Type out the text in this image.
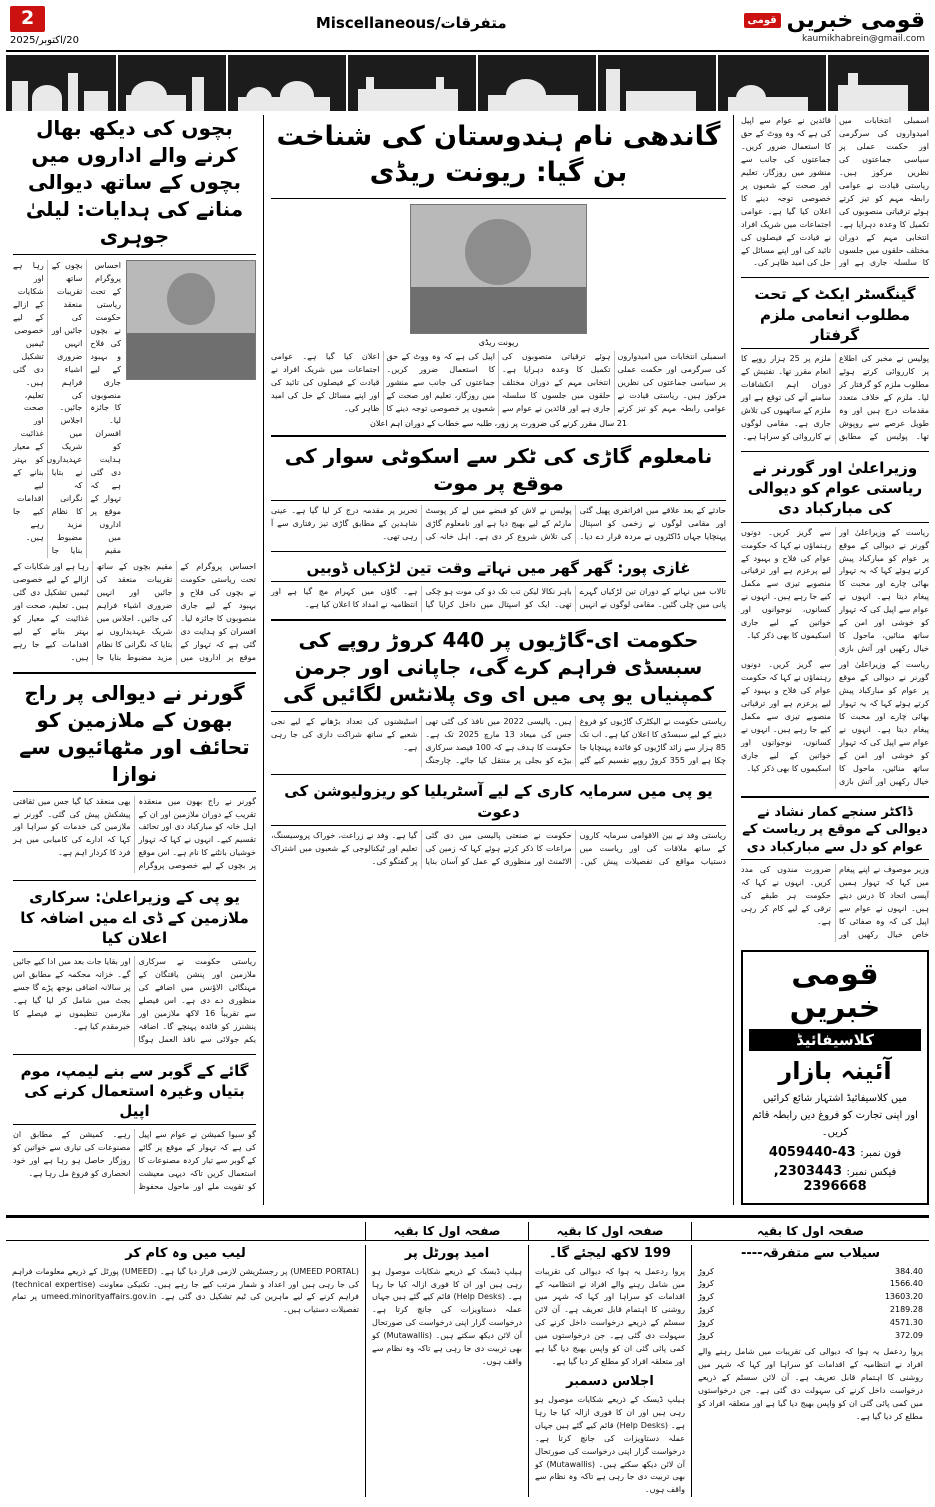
2
20/اکتوبر/2025
متفرقات/Miscellaneous	قومی خبریں
قومی
kaumikhabrein@gmail.com
اسمبلی انتخابات میں امیدواروں کی سرگرمی اور حکمت عملی پر سیاسی جماعتوں کی نظریں مرکوز ہیں۔ ریاستی قیادت نے عوامی رابطہ مہم کو تیز کرتے ہوئے ترقیاتی منصوبوں کی تکمیل کا وعدہ دہرایا ہے۔ انتخابی مہم کے دوران مختلف حلقوں میں جلسوں کا سلسلہ جاری ہے اور قائدین نے عوام سے اپیل کی ہے کہ وہ ووٹ کے حق کا استعمال ضرور کریں۔ جماعتوں کی جانب سے منشور میں روزگار، تعلیم اور صحت کے شعبوں پر خصوصی توجہ دینے کا اعلان کیا گیا ہے۔ عوامی اجتماعات میں شریک افراد نے قیادت کے فیصلوں کی تائید کی اور اپنے مسائل کے حل کی امید ظاہر کی۔
گینگسٹر ایکٹ کے تحت مطلوب انعامی ملزم گرفتار
پولیس نے مخبر کی اطلاع پر کارروائی کرتے ہوئے مطلوب ملزم کو گرفتار کر لیا۔ ملزم کے خلاف متعدد مقدمات درج ہیں اور وہ طویل عرصے سے روپوش تھا۔ پولیس کے مطابق ملزم پر 25 ہزار روپے کا انعام مقرر تھا۔ تفتیش کے دوران اہم انکشافات سامنے آنے کی توقع ہے اور ملزم کے ساتھیوں کی تلاش جاری ہے۔ مقامی لوگوں نے کارروائی کو سراہا ہے۔
وزیراعلیٰ اور گورنر نے ریاستی عوام کو دیوالی کی مبارکباد دی
ریاست کے وزیراعلیٰ اور گورنر نے دیوالی کے موقع پر عوام کو مبارکباد پیش کرتے ہوئے کہا کہ یہ تہوار بھائی چارے اور محبت کا پیغام دیتا ہے۔ انہوں نے عوام سے اپیل کی کہ تہوار کو خوشی اور امن کے ساتھ منائیں، ماحول کا خیال رکھیں اور آتش بازی سے گریز کریں۔ دونوں رہنماؤں نے کہا کہ حکومت عوام کی فلاح و بہبود کے لیے پرعزم ہے اور ترقیاتی منصوبے تیزی سے مکمل کیے جا رہے ہیں۔ انہوں نے کسانوں، نوجوانوں اور خواتین کے لیے جاری اسکیموں کا بھی ذکر کیا۔
ریاست کے وزیراعلیٰ اور گورنر نے دیوالی کے موقع پر عوام کو مبارکباد پیش کرتے ہوئے کہا کہ یہ تہوار بھائی چارے اور محبت کا پیغام دیتا ہے۔ انہوں نے عوام سے اپیل کی کہ تہوار کو خوشی اور امن کے ساتھ منائیں، ماحول کا خیال رکھیں اور آتش بازی سے گریز کریں۔ دونوں رہنماؤں نے کہا کہ حکومت عوام کی فلاح و بہبود کے لیے پرعزم ہے اور ترقیاتی منصوبے تیزی سے مکمل کیے جا رہے ہیں۔ انہوں نے کسانوں، نوجوانوں اور خواتین کے لیے جاری اسکیموں کا بھی ذکر کیا۔
ڈاکٹر سنجے کمار نشاد نے دیوالی کے موقع پر ریاست کے عوام کو دل سے مبارکباد دی
وزیر موصوف نے اپنے پیغام میں کہا کہ تہوار ہمیں آپسی اتحاد کا درس دیتے ہیں۔ انہوں نے عوام سے اپیل کی کہ وہ صفائی کا خاص خیال رکھیں اور ضرورت مندوں کی مدد کریں۔ انہوں نے کہا کہ حکومت ہر طبقے کی ترقی کے لیے کام کر رہی ہے۔
قومی خبریں
کلاسیفائیڈ
آئینہ بازار
میں کلاسیفائیڈ اشتہار شائع کرائیں
اور اپنی تجارت کو فروغ دیں رابطہ قائم کریں۔
فون نمبر: 43-4059440
فیکس نمبر: 2303443, 2396668
گاندھی نام ہندوستان کی شناخت بن گیا: ریونت ریڈی
ریونت ریڈی
اسمبلی انتخابات میں امیدواروں کی سرگرمی اور حکمت عملی پر سیاسی جماعتوں کی نظریں مرکوز ہیں۔ ریاستی قیادت نے عوامی رابطہ مہم کو تیز کرتے ہوئے ترقیاتی منصوبوں کی تکمیل کا وعدہ دہرایا ہے۔ انتخابی مہم کے دوران مختلف حلقوں میں جلسوں کا سلسلہ جاری ہے اور قائدین نے عوام سے اپیل کی ہے کہ وہ ووٹ کے حق کا استعمال ضرور کریں۔ جماعتوں کی جانب سے منشور میں روزگار، تعلیم اور صحت کے شعبوں پر خصوصی توجہ دینے کا اعلان کیا گیا ہے۔ عوامی اجتماعات میں شریک افراد نے قیادت کے فیصلوں کی تائید کی اور اپنے مسائل کے حل کی امید ظاہر کی۔
21 سال مقرر کرنے کی ضرورت پر زور، طلبہ سے خطاب کے دوران اہم اعلان
نامعلوم گاڑی کی ٹکر سے اسکوٹی سوار کی موقع پر موت
حادثے کے بعد علاقے میں افراتفری پھیل گئی اور مقامی لوگوں نے زخمی کو اسپتال پہنچایا جہاں ڈاکٹروں نے مردہ قرار دے دیا۔ پولیس نے لاش کو قبضے میں لے کر پوسٹ مارٹم کے لیے بھیج دیا ہے اور نامعلوم گاڑی کی تلاش شروع کر دی ہے۔ اہل خانہ کی تحریر پر مقدمہ درج کر لیا گیا ہے۔ عینی شاہدین کے مطابق گاڑی تیز رفتاری سے آ رہی تھی۔
غازی پور: گھر گھر میں نہاتے وقت تین لڑکیاں ڈوبیں
تالاب میں نہانے کے دوران تین لڑکیاں گہرے پانی میں چلی گئیں۔ مقامی لوگوں نے انہیں باہر نکالا لیکن تب تک دو کی موت ہو چکی تھی۔ ایک کو اسپتال میں داخل کرایا گیا ہے۔ گاؤں میں کہرام مچ گیا ہے اور انتظامیہ نے امداد کا اعلان کیا ہے۔
حکومت ای-گاڑیوں پر 440 کروڑ روپے کی سبسڈی فراہم کرے گی، جاپانی اور جرمن کمپنیاں یو پی میں ای وی پلانٹس لگائیں گی
ریاستی حکومت نے الیکٹرک گاڑیوں کو فروغ دینے کے لیے سبسڈی کا اعلان کیا ہے۔ اب تک 85 ہزار سے زائد گاڑیوں کو فائدہ پہنچایا جا چکا ہے اور 355 کروڑ روپے تقسیم کیے گئے ہیں۔ پالیسی 2022 میں نافذ کی گئی تھی جس کی میعاد 13 مارچ 2025 تک ہے۔ حکومت کا ہدف ہے کہ 100 فیصد سرکاری بیڑے کو بجلی پر منتقل کیا جائے۔ چارجنگ اسٹیشنوں کی تعداد بڑھانے کے لیے نجی شعبے کے ساتھ شراکت داری کی جا رہی ہے۔
یو پی میں سرمایہ کاری کے لیے آسٹریلیا کو ریزولیوشن کی دعوت
ریاستی وفد نے بین الاقوامی سرمایہ کاروں کے ساتھ ملاقات کی اور ریاست میں دستیاب مواقع کی تفصیلات پیش کیں۔ حکومت نے صنعتی پالیسی میں دی گئی مراعات کا ذکر کرتے ہوئے کہا کہ زمین کی الاٹمنٹ اور منظوری کے عمل کو آسان بنایا گیا ہے۔ وفد نے زراعت، خوراک پروسیسنگ، تعلیم اور ٹیکنالوجی کے شعبوں میں اشتراک پر گفتگو کی۔
بچوں کی دیکھ بھال کرنے والے اداروں میں بچوں کے ساتھ دیوالی منانے کی ہدایات: لیلیٰ جوہری
احساس پروگرام کے تحت ریاستی حکومت نے بچوں کی فلاح و بہبود کے لیے جاری منصوبوں کا جائزہ لیا۔ افسران کو ہدایت دی گئی ہے کہ تہوار کے موقع پر اداروں میں مقیم بچوں کے ساتھ تقریبات منعقد کی جائیں اور انہیں ضروری اشیاء فراہم کی جائیں۔ اجلاس میں شریک عہدیداروں نے بتایا کہ نگرانی کا نظام مزید مضبوط بنایا جا رہا ہے اور شکایات کے ازالے کے لیے خصوصی ٹیمیں تشکیل دی گئی ہیں۔ تعلیم، صحت اور غذائیت کے معیار کو بہتر بنانے کے لیے اقدامات کیے جا رہے ہیں۔
احساس پروگرام کے تحت ریاستی حکومت نے بچوں کی فلاح و بہبود کے لیے جاری منصوبوں کا جائزہ لیا۔ افسران کو ہدایت دی گئی ہے کہ تہوار کے موقع پر اداروں میں مقیم بچوں کے ساتھ تقریبات منعقد کی جائیں اور انہیں ضروری اشیاء فراہم کی جائیں۔ اجلاس میں شریک عہدیداروں نے بتایا کہ نگرانی کا نظام مزید مضبوط بنایا جا رہا ہے اور شکایات کے ازالے کے لیے خصوصی ٹیمیں تشکیل دی گئی ہیں۔ تعلیم، صحت اور غذائیت کے معیار کو بہتر بنانے کے لیے اقدامات کیے جا رہے ہیں۔
گورنر نے دیوالی پر راج بھون کے ملازمین کو تحائف اور مٹھائیوں سے نوازا
گورنر نے راج بھون میں منعقدہ تقریب کے دوران ملازمین اور ان کے اہل خانہ کو مبارکباد دی اور تحائف تقسیم کیے۔ انہوں نے کہا کہ تہوار خوشیاں بانٹنے کا نام ہے۔ اس موقع پر بچوں کے لیے خصوصی پروگرام بھی منعقد کیا گیا جس میں ثقافتی پیشکش پیش کی گئی۔ گورنر نے ملازمین کی خدمات کو سراہا اور کہا کہ ادارے کی کامیابی میں ہر فرد کا کردار اہم ہے۔
یو پی کے وزیراعلیٰ: سرکاری ملازمین کے ڈی اے میں اضافہ کا اعلان کیا
ریاستی حکومت نے سرکاری ملازمین اور پنشن یافتگان کے مہنگائی الاؤنس میں اضافے کی منظوری دے دی ہے۔ اس فیصلے سے تقریباً 16 لاکھ ملازمین اور پنشنرز کو فائدہ پہنچے گا۔ اضافہ یکم جولائی سے نافذ العمل ہوگا اور بقایا جات بعد میں ادا کیے جائیں گے۔ خزانہ محکمہ کے مطابق اس پر سالانہ اضافی بوجھ پڑے گا جسے بجٹ میں شامل کر لیا گیا ہے۔ ملازمین تنظیموں نے فیصلے کا خیرمقدم کیا ہے۔
گائے کے گوبر سے بنے لیمپ، موم بتیاں وغیرہ استعمال کرنے کی اپیل
گو سیوا کمیشن نے عوام سے اپیل کی ہے کہ تہوار کے موقع پر گائے کے گوبر سے تیار کردہ مصنوعات کا استعمال کریں تاکہ دیہی معیشت کو تقویت ملے اور ماحول محفوظ رہے۔ کمیشن کے مطابق ان مصنوعات کی تیاری سے خواتین کو روزگار حاصل ہو رہا ہے اور خود انحصاری کو فروغ مل رہا ہے۔
صفحہ اول کا بقیہ
صفحہ اول کا بقیہ
صفحہ اول کا بقیہ
سیلاب سے متفرقہ----
384.40
کروڑ
1566.40
کروڑ
13603.20
کروڑ
2189.28
کروڑ
4571.30
کروڑ
372.09
کروڑ
پروا ردعمل یہ ہوا کہ دیوالی کی تقریبات میں شامل رہنے والے افراد نے انتظامیہ کے اقدامات کو سراہا اور کہا کہ شہر میں روشنی کا اہتمام قابل تعریف ہے۔ آن لائن سسٹم کے ذریعے درخواست داخل کرنے کی سہولت دی گئی ہے۔ جن درخواستوں میں کمی پائی گئی ان کو واپس بھیج دیا گیا ہے اور متعلقہ افراد کو مطلع کر دیا گیا ہے۔
199 لاکھ لیجئے گا۔
پروا ردعمل یہ ہوا کہ دیوالی کی تقریبات میں شامل رہنے والے افراد نے انتظامیہ کے اقدامات کو سراہا اور کہا کہ شہر میں روشنی کا اہتمام قابل تعریف ہے۔ آن لائن سسٹم کے ذریعے درخواست داخل کرنے کی سہولت دی گئی ہے۔ جن درخواستوں میں کمی پائی گئی ان کو واپس بھیج دیا گیا ہے اور متعلقہ افراد کو مطلع کر دیا گیا ہے۔
اجلاس دسمبر
ہیلپ ڈیسک کے ذریعے شکایات موصول ہو رہی ہیں اور ان کا فوری ازالہ کیا جا رہا ہے۔ (Help Desks) قائم کیے گئے ہیں جہاں عملہ دستاویزات کی جانچ کرتا ہے۔ درخواست گزار اپنی درخواست کی صورتحال آن لائن دیکھ سکتے ہیں۔ (Mutawallis) کو بھی تربیت دی جا رہی ہے تاکہ وہ نظام سے واقف ہوں۔
امید پورٹل پر
ہیلپ ڈیسک کے ذریعے شکایات موصول ہو رہی ہیں اور ان کا فوری ازالہ کیا جا رہا ہے۔ (Help Desks) قائم کیے گئے ہیں جہاں عملہ دستاویزات کی جانچ کرتا ہے۔ درخواست گزار اپنی درخواست کی صورتحال آن لائن دیکھ سکتے ہیں۔ (Mutawallis) کو بھی تربیت دی جا رہی ہے تاکہ وہ نظام سے واقف ہوں۔
لیب میں وہ کام کر
(UMEED PORTAL) پر رجسٹریشن لازمی قرار دیا گیا ہے۔ (UMEED) پورٹل کے ذریعے معلومات فراہم کی جا رہی ہیں اور اعداد و شمار مرتب کیے جا رہے ہیں۔ تکنیکی معاونت (technical expertise) فراہم کرنے کے لیے ماہرین کی ٹیم تشکیل دی گئی ہے۔ umeed.minorityaffairs.gov.in پر تمام تفصیلات دستیاب ہیں۔
